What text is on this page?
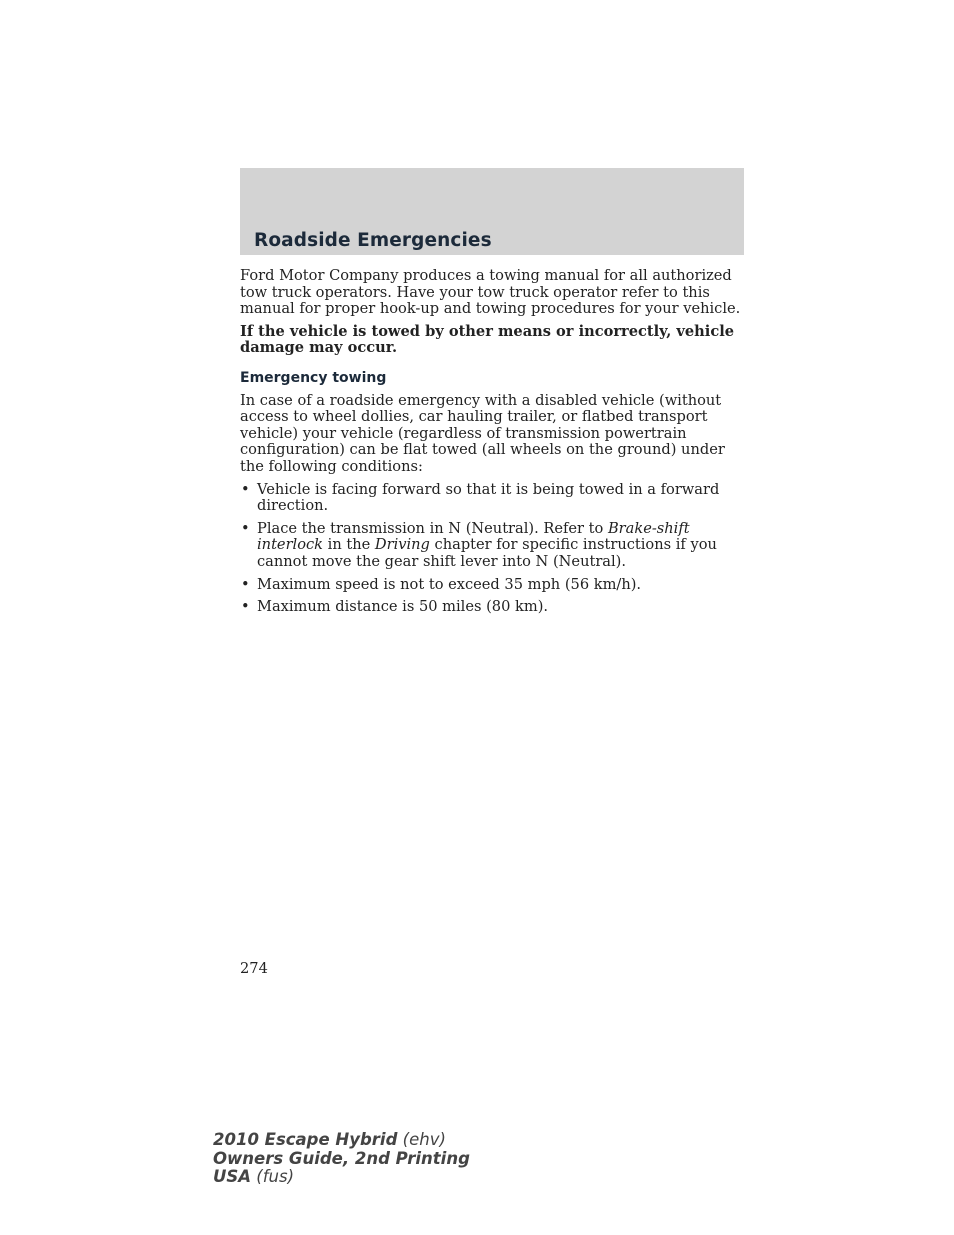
Roadside Emergencies

Ford Motor Company produces a towing manual for all authorized tow truck operators. Have your tow truck operator refer to this manual for proper hook-up and towing procedures for your vehicle.

If the vehicle is towed by other means or incorrectly, vehicle damage may occur.

Emergency towing

In case of a roadside emergency with a disabled vehicle (without access to wheel dollies, car hauling trailer, or flatbed transport vehicle) your vehicle (regardless of transmission powertrain configuration) can be flat towed (all wheels on the ground) under the following conditions:

• Vehicle is facing forward so that it is being towed in a forward direction.
• Place the transmission in N (Neutral). Refer to Brake-shift interlock in the Driving chapter for specific instructions if you cannot move the gear shift lever into N (Neutral).
• Maximum speed is not to exceed 35 mph (56 km/h).
• Maximum distance is 50 miles (80 km).
274
2010 Escape Hybrid (ehv)
Owners Guide, 2nd Printing
USA (fus)
